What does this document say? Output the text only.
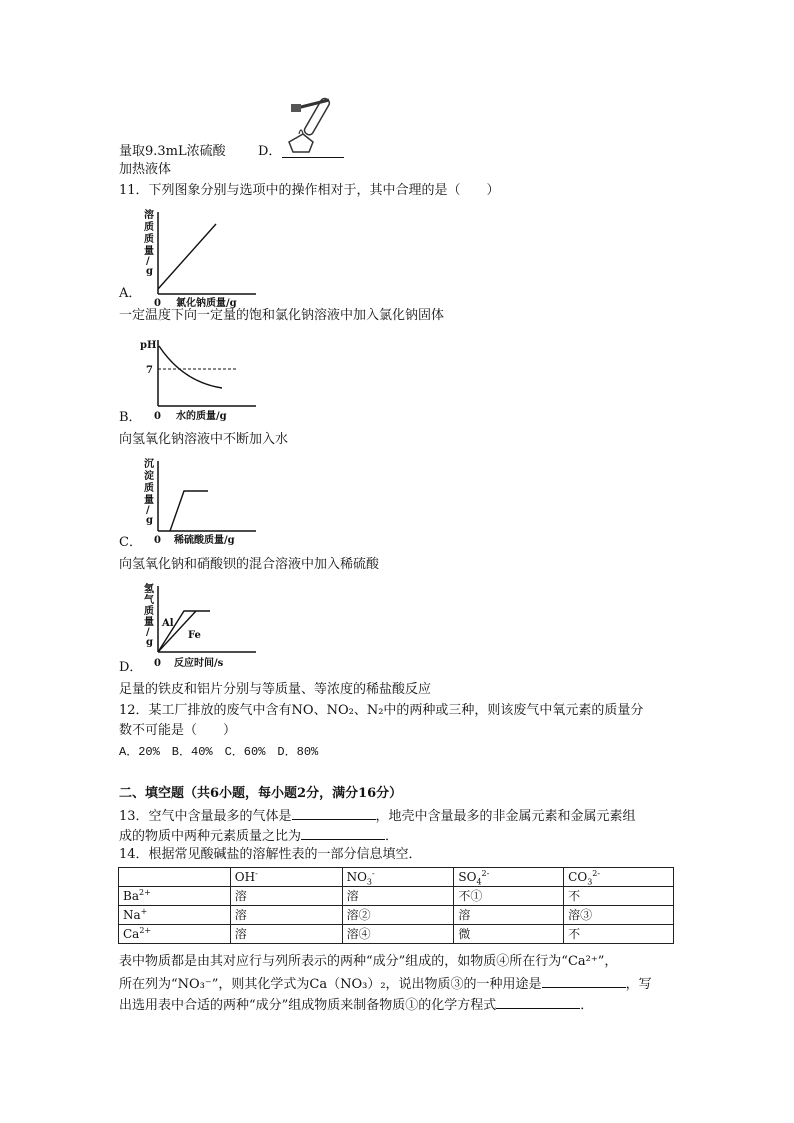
量取9.3mL浓硫酸 D．
加热液体
11．下列图象分别与选项中的操作相对于，其中合理的是（　　）
溶
质
质
量
/
g
0 氯化钠质量/g
A．
一定温度下向一定量的饱和氯化钠溶液中加入氯化钠固体
pH
7
0 水的质量/g
B．
向氢氧化钠溶液中不断加入水
沉
淀
质
量
/
g
0 稀硫酸质量/g
C．
向氢氧化钠和硝酸钡的混合溶液中加入稀硫酸
氢
气
质
量
/
g
Al
Fe
0 反应时间/s
D．
足量的铁皮和铝片分别与等质量、等浓度的稀盐酸反应
12．某工厂排放的废气中含有NO、NO₂、N₂中的两种或三种，则该废气中氧元素的质量分
数不可能是（　　）
A．20%　B．40%　C．60%　D．80%
二、填空题（共6小题，每小题2分，满分16分）
13．空气中含量最多的气体是	，地壳中含量最多的非金属元素和金属元素组
成的物质中两种元素质量之比为	．
14．根据常见酸碱盐的溶解性表的一部分信息填空．
	OH-	$NO_3^-$	$SO_4^{2-}$	$CO_3^{2-}$
$Ba^{2+}$	溶	溶	不①	不
Na+	溶	溶②	溶	溶③
$Ca^{2+}$	溶	溶④	微	不
表中物质都是由其对应行与列所表示的两种“成分”组成的，如物质④所在行为“Ca²⁺”，
所在列为“NO₃⁻”，则其化学式为Ca（NO₃）₂，说出物质③的一种用途是	，写
出选用表中合适的两种“成分”组成物质来制备物质①的化学方程式	．
